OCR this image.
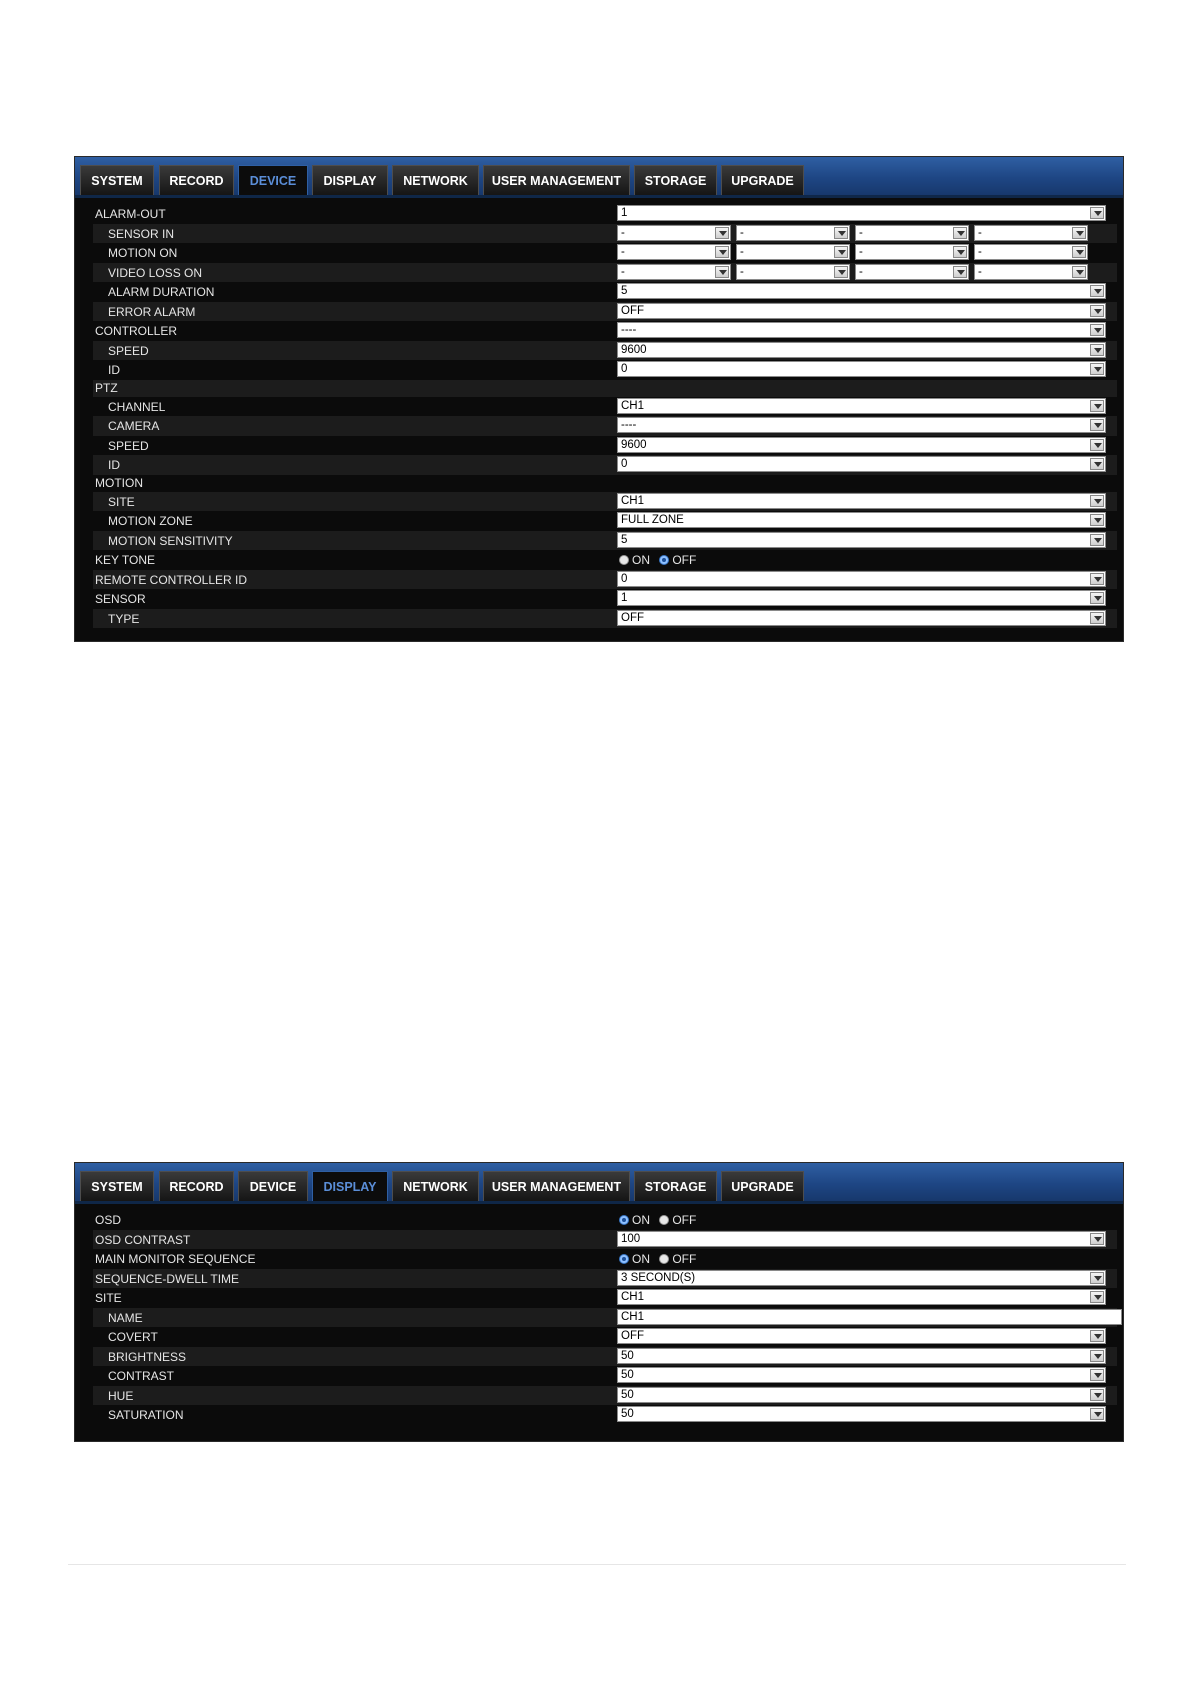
SYSTEM	RECORD	DEVICE	DISPLAY	NETWORK	USER MANAGEMENT	STORAGE	UPGRADE
ALARM-OUT	1
SENSOR IN	-	-	-	-
MOTION ON	-	-	-	-
VIDEO LOSS ON	-	-	-	-
ALARM DURATION	5
ERROR ALARM	OFF
CONTROLLER	----
SPEED	9600
ID	0
PTZ
CHANNEL	CH1
CAMERA	----
SPEED	9600
ID	0
MOTION
SITE	CH1
MOTION ZONE	FULL ZONE
MOTION SENSITIVITY	5
KEY TONE	ON OFF
REMOTE CONTROLLER ID	0
SENSOR	1
TYPE	OFF
SYSTEM	RECORD	DEVICE	DISPLAY	NETWORK	USER MANAGEMENT	STORAGE	UPGRADE
OSD	ON OFF
OSD CONTRAST	100
MAIN MONITOR SEQUENCE	ON OFF
SEQUENCE-DWELL TIME	3 SECOND(S)
SITE	CH1
NAME	CH1
COVERT	OFF
BRIGHTNESS	50
CONTRAST	50
HUE	50
SATURATION	50
